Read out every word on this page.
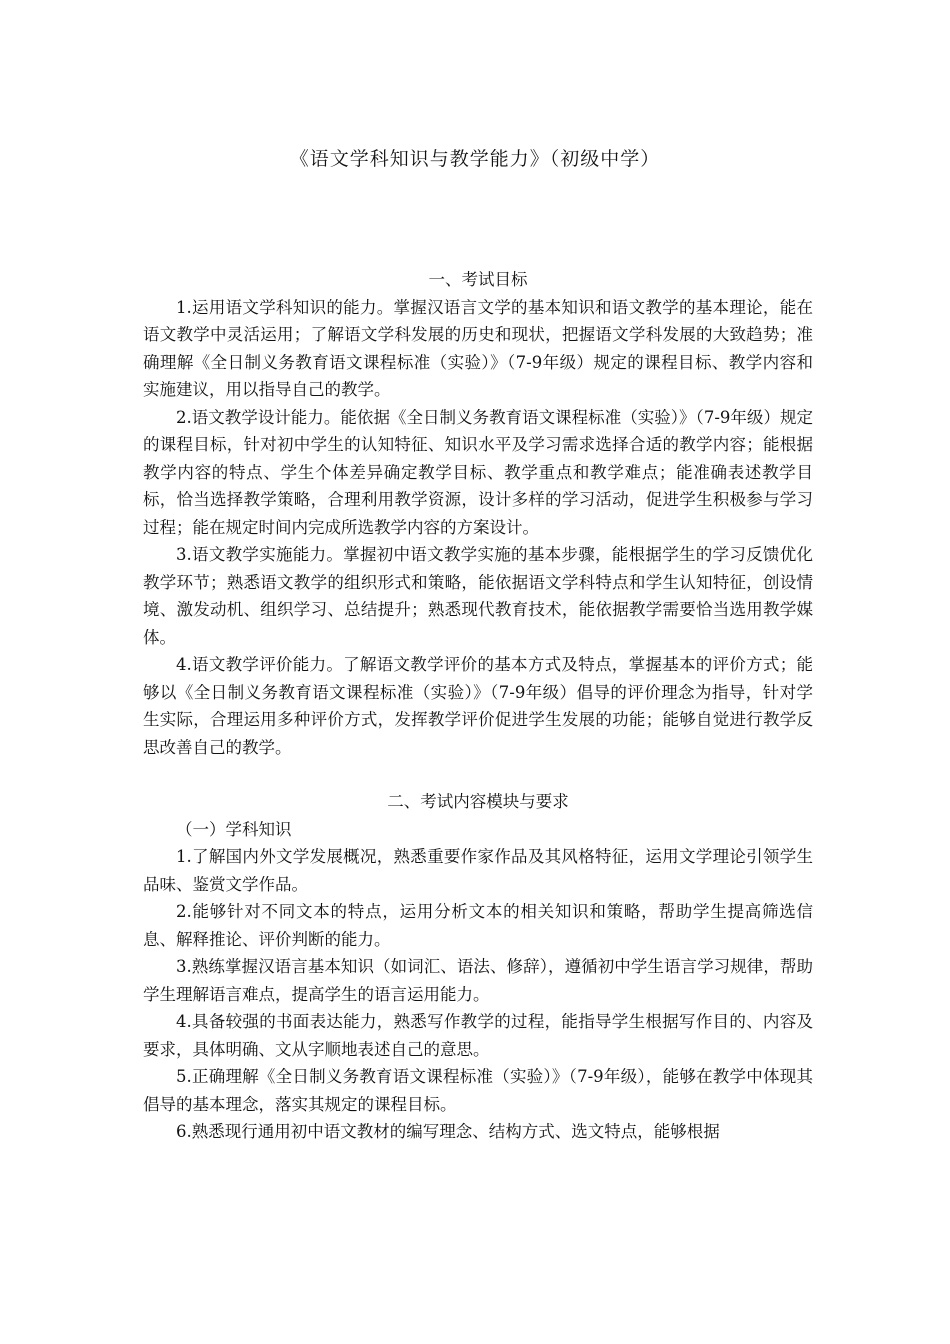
《语文学科知识与教学能力》（初级中学）

一、考试目标

1.运用语文学科知识的能力。掌握汉语言文学的基本知识和语文教学的基本理论，能在语文教学中灵活运用；了解语文学科发展的历史和现状，把握语文学科发展的大致趋势；准确理解《全日制义务教育语文课程标准（实验）》（7-9年级）规定的课程目标、教学内容和实施建议，用以指导自己的教学。

2.语文教学设计能力。能依据《全日制义务教育语文课程标准（实验）》（7-9年级）规定的课程目标，针对初中学生的认知特征、知识水平及学习需求选择合适的教学内容；能根据教学内容的特点、学生个体差异确定教学目标、教学重点和教学难点；能准确表述教学目标，恰当选择教学策略，合理利用教学资源，设计多样的学习活动，促进学生积极参与学习过程；能在规定时间内完成所选教学内容的方案设计。

3.语文教学实施能力。掌握初中语文教学实施的基本步骤，能根据学生的学习反馈优化教学环节；熟悉语文教学的组织形式和策略，能依据语文学科特点和学生认知特征，创设情境、激发动机、组织学习、总结提升；熟悉现代教育技术，能依据教学需要恰当选用教学媒体。

4.语文教学评价能力。了解语文教学评价的基本方式及特点，掌握基本的评价方式；能够以《全日制义务教育语文课程标准（实验）》（7-9年级）倡导的评价理念为指导，针对学生实际，合理运用多种评价方式，发挥教学评价促进学生发展的功能；能够自觉进行教学反思改善自己的教学。

二、考试内容模块与要求

（一）学科知识

1.了解国内外文学发展概况，熟悉重要作家作品及其风格特征，运用文学理论引领学生品味、鉴赏文学作品。

2.能够针对不同文本的特点，运用分析文本的相关知识和策略，帮助学生提高筛选信息、解释推论、评价判断的能力。

3.熟练掌握汉语言基本知识（如词汇、语法、修辞），遵循初中学生语言学习规律，帮助学生理解语言难点，提高学生的语言运用能力。

4.具备较强的书面表达能力，熟悉写作教学的过程，能指导学生根据写作目的、内容及要求，具体明确、文从字顺地表述自己的意思。

5.正确理解《全日制义务教育语文课程标准（实验）》（7-9年级），能够在教学中体现其倡导的基本理念，落实其规定的课程目标。

6.熟悉现行通用初中语文教材的编写理念、结构方式、选文特点，能够根据
